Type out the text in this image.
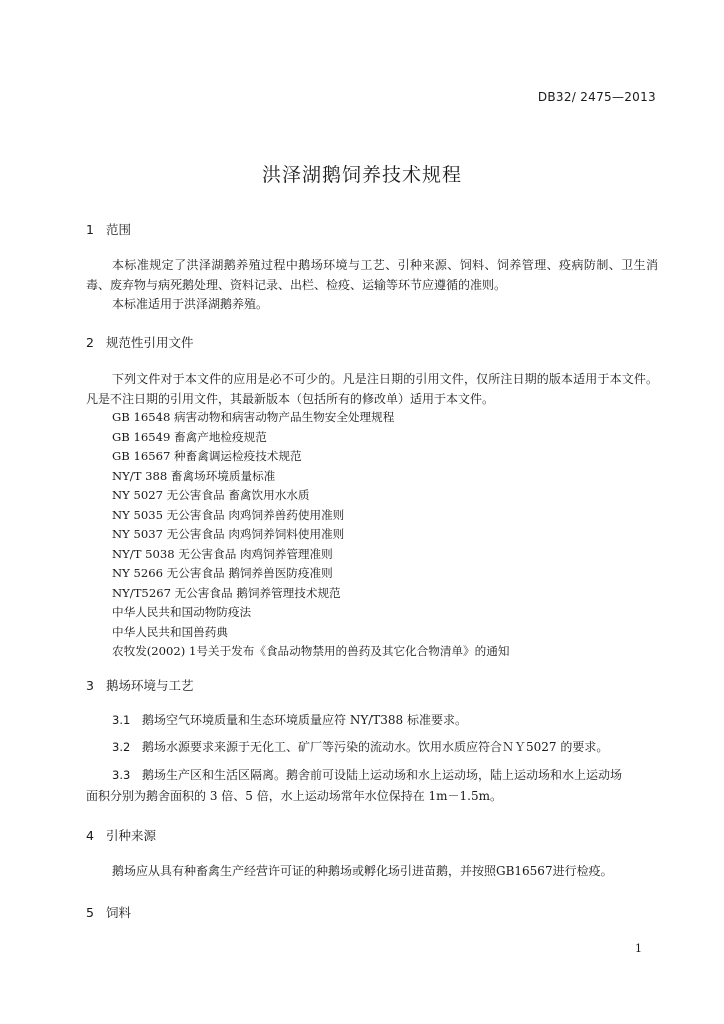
DB32/ 2475—2013
洪泽湖鹅饲养技术规程
1 范围
本标准规定了洪泽湖鹅养殖过程中鹅场环境与工艺、引种来源、饲料、饲养管理、疫病防制、卫生消毒、废弃物与病死鹅处理、资料记录、出栏、检疫、运输等环节应遵循的准则。
本标准适用于洪泽湖鹅养殖。
2 规范性引用文件
下列文件对于本文件的应用是必不可少的。凡是注日期的引用文件，仅所注日期的版本适用于本文件。凡是不注日期的引用文件，其最新版本（包括所有的修改单）适用于本文件。
GB 16548 病害动物和病害动物产品生物安全处理规程
GB 16549 畜禽产地检疫规范
GB 16567 种畜禽调运检疫技术规范
NY/T 388 畜禽场环境质量标准
NY 5027 无公害食品 畜禽饮用水水质
NY 5035 无公害食品 肉鸡饲养兽药使用准则
NY 5037 无公害食品 肉鸡饲养饲料使用准则
NY/T 5038 无公害食品 肉鸡饲养管理准则
NY 5266 无公害食品 鹅饲养兽医防疫准则
NY/T5267 无公害食品 鹅饲养管理技术规范
中华人民共和国动物防疫法
中华人民共和国兽药典
农牧发(2002) 1号关于发布《食品动物禁用的兽药及其它化合物清单》的通知
3 鹅场环境与工艺
3.1 鹅场空气环境质量和生态环境质量应符 NY/T388 标准要求。
3.2 鹅场水源要求来源于无化工、矿厂等污染的流动水。饮用水质应符合ＮＹ5027 的要求。
3.3 鹅场生产区和生活区隔离。鹅舍前可设陆上运动场和水上运动场，陆上运动场和水上运动场
面积分别为鹅舍面积的 3 倍、5 倍，水上运动场常年水位保持在 1m－1.5m。
4 引种来源
鹅场应从具有种畜禽生产经营许可证的种鹅场或孵化场引进苗鹅，并按照GB16567进行检疫。
5 饲料
1
